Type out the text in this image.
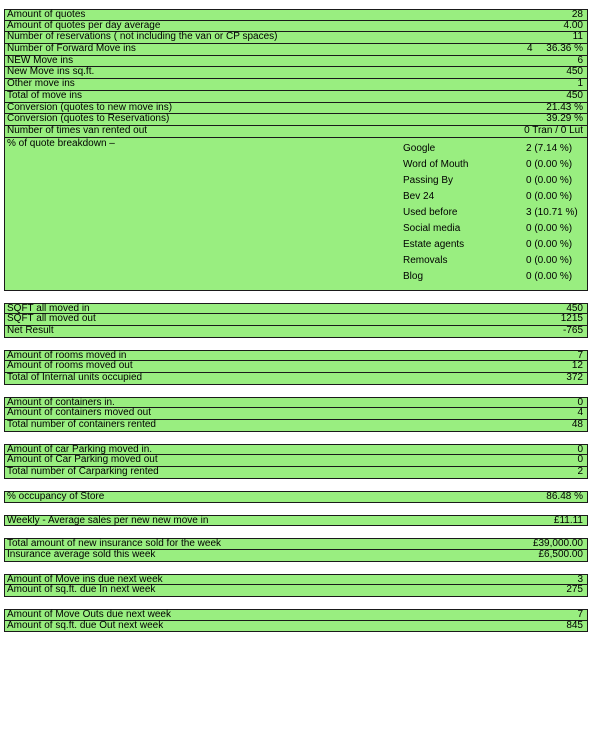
Amount of quotes	28
Amount of quotes per day average	4.00
Number of reservations ( not including the van or CP spaces)	11
Number of Forward Move ins	4 36.36 %
NEW Move ins	6
New Move ins sq.ft.	450
Other move ins	1
Total of move ins	450
Conversion (quotes to new move ins)	21.43 %
Conversion (quotes to Reservations)	39.29 %
Number of times van rented out	0 Tran / 0 Lut
% of quote breakdown –	Google	2 (7.14 %)
Word of Mouth	0 (0.00 %)
Passing By	0 (0.00 %)
Bev 24	0 (0.00 %)
Used before	3 (10.71 %)
Social media	0 (0.00 %)
Estate agents	0 (0.00 %)
Removals	0 (0.00 %)
Blog	0 (0.00 %)
SQFT all moved in	450
SQFT all moved out	1215
Net Result	-765
Amount of rooms moved in	7
Amount of rooms moved out	12
Total of Internal units occupied	372
Amount of containers in.	0
Amount of containers moved out	4
Total number of containers rented	48
Amount of car Parking moved in.	0
Amount of Car Parking moved out	0
Total number of Carparking rented	2
% occupancy of Store	86.48 %
Weekly - Average sales per new new move in	£11.11
Total amount of new insurance sold for the week	£39,000.00
Insurance average sold this week	£6,500.00
Amount of Move ins due next week	3
Amount of sq.ft. due In next week	275
Amount of Move Outs due next week	7
Amount of sq.ft. due Out next week	845
